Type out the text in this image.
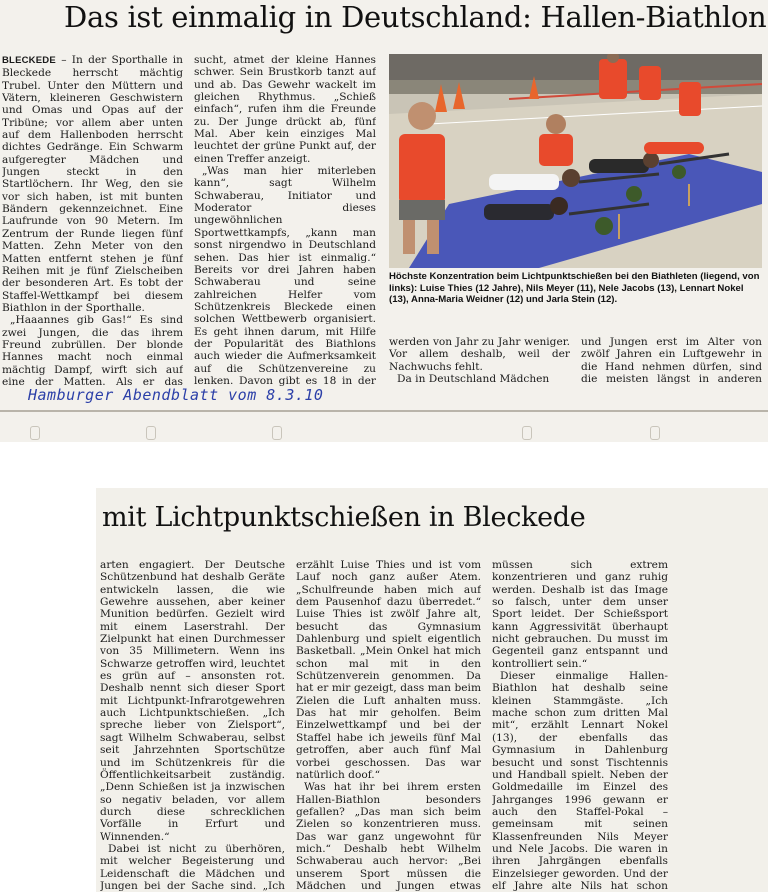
Das ist einmalig in Deutschland: Hallen-Biathlon

BLECKEDE – In der Sporthalle in Bleckede herrscht mächtig Trubel. Unter den Müttern und Vätern, kleineren Geschwistern und Omas und Opas auf der Tribüne; vor allem aber unten auf dem Hallenboden herrscht dichtes Gedränge. Ein Schwarm aufgeregter Mädchen und Jungen steckt in den Startlöchern. Ihr Weg, den sie vor sich haben, ist mit bunten Bändern gekennzeichnet. Eine Laufrunde von 90 Metern. Im Zentrum der Runde liegen fünf Matten. Zehn Meter von den Matten entfernt stehen je fünf Reihen mit je fünf Zielscheiben der besonderen Art. Es tobt der Staffel-Wettkampf bei diesem Biathlon in der Sporthalle.

„Haaannes gib Gas!“ Es sind zwei Jungen, die das ihrem Freund zubrüllen. Der blonde Hannes macht noch einmal mächtig Dampf, wirft sich auf eine der Matten. Als er das

sucht, atmet der kleine Hannes schwer. Sein Brustkorb tanzt auf und ab. Das Gewehr wackelt im gleichen Rhythmus. „Schieß einfach“, rufen ihm die Freunde zu. Der Junge drückt ab, fünf Mal. Aber kein einziges Mal leuchtet der grüne Punkt auf, der einen Treffer anzeigt.

„Was man hier miterleben kann“, sagt Wilhelm Schwaberau, Initiator und Moderator dieses ungewöhnlichen Sportwettkampfs, „kann man sonst nirgendwo in Deutschland sehen. Das hier ist einmalig.“ Bereits vor drei Jahren haben Schwaberau und seine zahlreichen Helfer vom Schützenkreis Bleckede einen solchen Wettbewerb organisiert. Es geht ihnen darum, mit Hilfe der Popularität des Biathlons auch wieder die Aufmerksamkeit auf die Schützenvereine zu lenken. Davon gibt es 18 in der

Höchste Konzentration beim Lichtpunktschießen bei den Biathleten (liegend, von links): Luise Thies (12 Jahre), Nils Meyer (11), Nele Jacobs (13), Lennart Nokel (13), Anna-Maria Weidner (12) und Jarla Stein (12).

werden von Jahr zu Jahr weniger. Vor allem deshalb, weil der Nachwuchs fehlt.

Da in Deutschland Mädchen

und Jungen erst im Alter von zwölf Jahren ein Luftgewehr in die Hand nehmen dürfen, sind die meisten längst in anderen

Hamburger Abendblatt vom 8.3.10
mit Lichtpunktschießen in Bleckede

arten engagiert. Der Deutsche Schützenbund hat deshalb Geräte entwickeln lassen, die wie Gewehre aussehen, aber keiner Munition bedürfen. Gezielt wird mit einem Laserstrahl. Der Zielpunkt hat einen Durchmesser von 35 Millimetern. Wenn ins Schwarze getroffen wird, leuchtet es grün auf – ansonsten rot. Deshalb nennt sich dieser Sport mit Lichtpunkt-Infrarotgewehren auch Lichtpunktschießen. „Ich spreche lieber von Zielsport“, sagt Wilhelm Schwaberau, selbst seit Jahrzehnten Sportschütze und im Schützenkreis für die Öffentlichkeitsarbeit zuständig. „Denn Schießen ist ja inzwischen so negativ beladen, vor allem durch diese schrecklichen Vorfälle in Erfurt und Winnenden.“

Dabei ist nicht zu überhören, mit welcher Begeisterung und Leidenschaft die Mädchen und Jungen bei der Sache sind. „Ich

erzählt Luise Thies und ist vom Lauf noch ganz außer Atem. „Schulfreunde haben mich auf dem Pausenhof dazu überredet.“ Luise Thies ist zwölf Jahre alt, besucht das Gymnasium Dahlenburg und spielt eigentlich Basketball. „Mein Onkel hat mich schon mal mit in den Schützenverein genommen. Da hat er mir gezeigt, dass man beim Zielen die Luft anhalten muss. Das hat mir geholfen. Beim Einzelwettkampf und bei der Staffel habe ich jeweils fünf Mal getroffen, aber auch fünf Mal vorbei geschossen. Das war natürlich doof.“

Was hat ihr bei ihrem ersten Hallen-Biathlon besonders gefallen? „Das man sich beim Zielen so konzentrieren muss. Das war ganz ungewohnt für mich.“ Deshalb hebt Wilhelm Schwaberau auch hervor: „Bei unserem Sport müssen die Mädchen und Jungen etwas

müssen sich extrem konzentrieren und ganz ruhig werden. Deshalb ist das Image so falsch, unter dem unser Sport leidet. Der Schießsport kann Aggressivität überhaupt nicht gebrauchen. Du musst im Gegenteil ganz entspannt und kontrolliert sein.“

Dieser einmalige Hallen-Biathlon hat deshalb seine kleinen Stammgäste. „Ich mache schon zum dritten Mal mit“, erzählt Lennart Nokel (13), der ebenfalls das Gymnasium in Dahlenburg besucht und sonst Tischtennis und Handball spielt. Neben der Goldmedaille im Einzel des Jahrganges 1996 gewann er auch den Staffel-Pokal – gemeinsam mit seinen Klassenfreunden Nils Meyer und Nele Jacobs. Die waren in ihren Jahrgängen ebenfalls Einzelsieger geworden. Und der elf Jahre alte Nils hat schon
